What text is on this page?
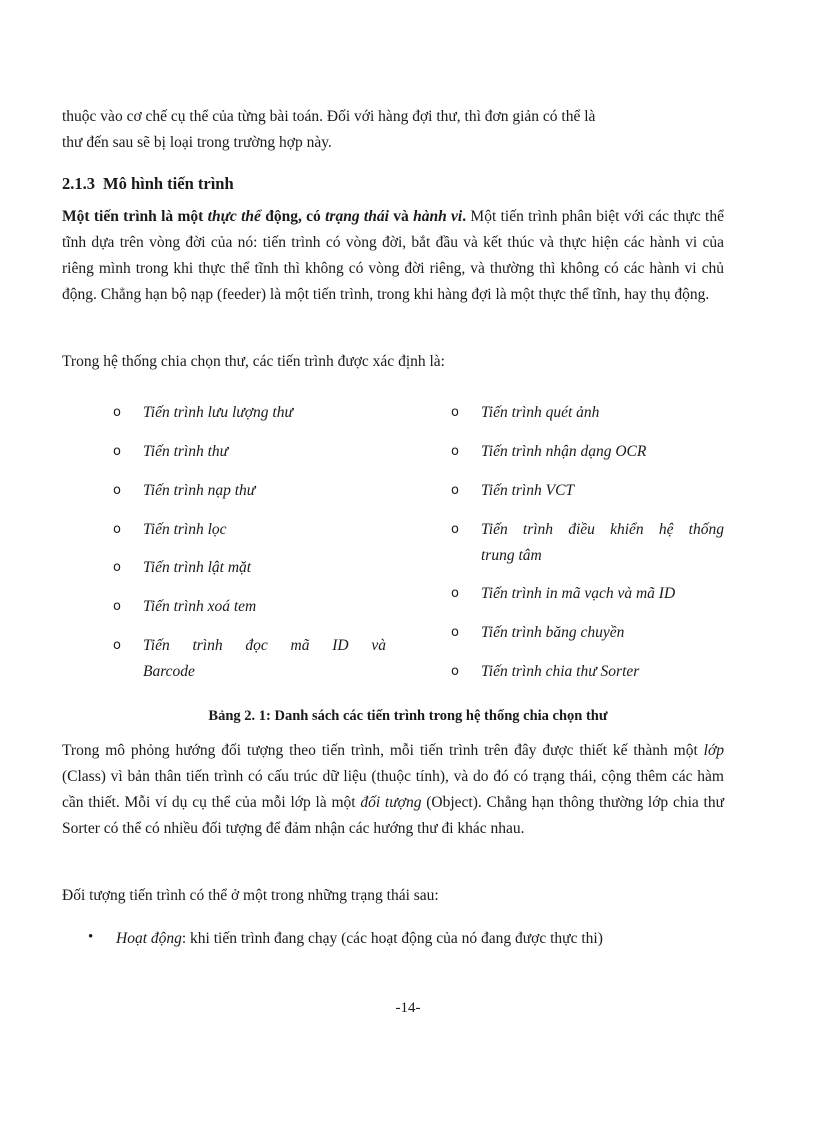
thuộc vào cơ chế cụ thể của từng bài toán. Đối với hàng đợi thư, thì đơn giản có thể là
thư đến sau sẽ bị loại trong trường hợp này.

2.1.3 Mô hình tiến trình

Một tiến trình là một thực thể động, có trạng thái và hành vi. Một tiến trình phân biệt với các thực thể tĩnh dựa trên vòng đời của nó: tiến trình có vòng đời, bắt đầu và kết thúc và thực hiện các hành vi của riêng mình trong khi thực thể tĩnh thì không có vòng đời riêng, và thường thì không có các hành vi chủ động. Chẳng hạn bộ nạp (feeder) là một tiến trình, trong khi hàng đợi là một thực thể tĩnh, hay thụ động.

Trong hệ thống chia chọn thư, các tiến trình được xác định là:

o Tiến trình lưu lượng thư
o Tiến trình thư
o Tiến trình nạp thư
o Tiến trình lọc
o Tiến trình lật mặt
o Tiến trình xoá tem
o Tiến trình đọc mã ID và
Barcode
o Tiến trình quét ảnh
o Tiến trình nhận dạng OCR
o Tiến trình VCT
o Tiến trình điều khiển hệ thống
trung tâm
o Tiến trình in mã vạch và mã ID
o Tiến trình băng chuyền
o Tiến trình chia thư Sorter
Bảng 2. 1: Danh sách các tiến trình trong hệ thống chia chọn thư

Trong mô phỏng hướng đối tượng theo tiến trình, mỗi tiến trình trên đây được thiết kế thành một lớp (Class) vì bản thân tiến trình có cấu trúc dữ liệu (thuộc tính), và do đó có trạng thái, cộng thêm các hàm cần thiết. Mỗi ví dụ cụ thể của mỗi lớp là một đối tượng (Object). Chẳng hạn thông thường lớp chia thư Sorter có thể có nhiều đối tượng để đảm nhận các hướng thư đi khác nhau.

Đối tượng tiến trình có thể ở một trong những trạng thái sau:

• Hoạt động: khi tiến trình đang chạy (các hoạt động của nó đang được thực thi)

-14-
